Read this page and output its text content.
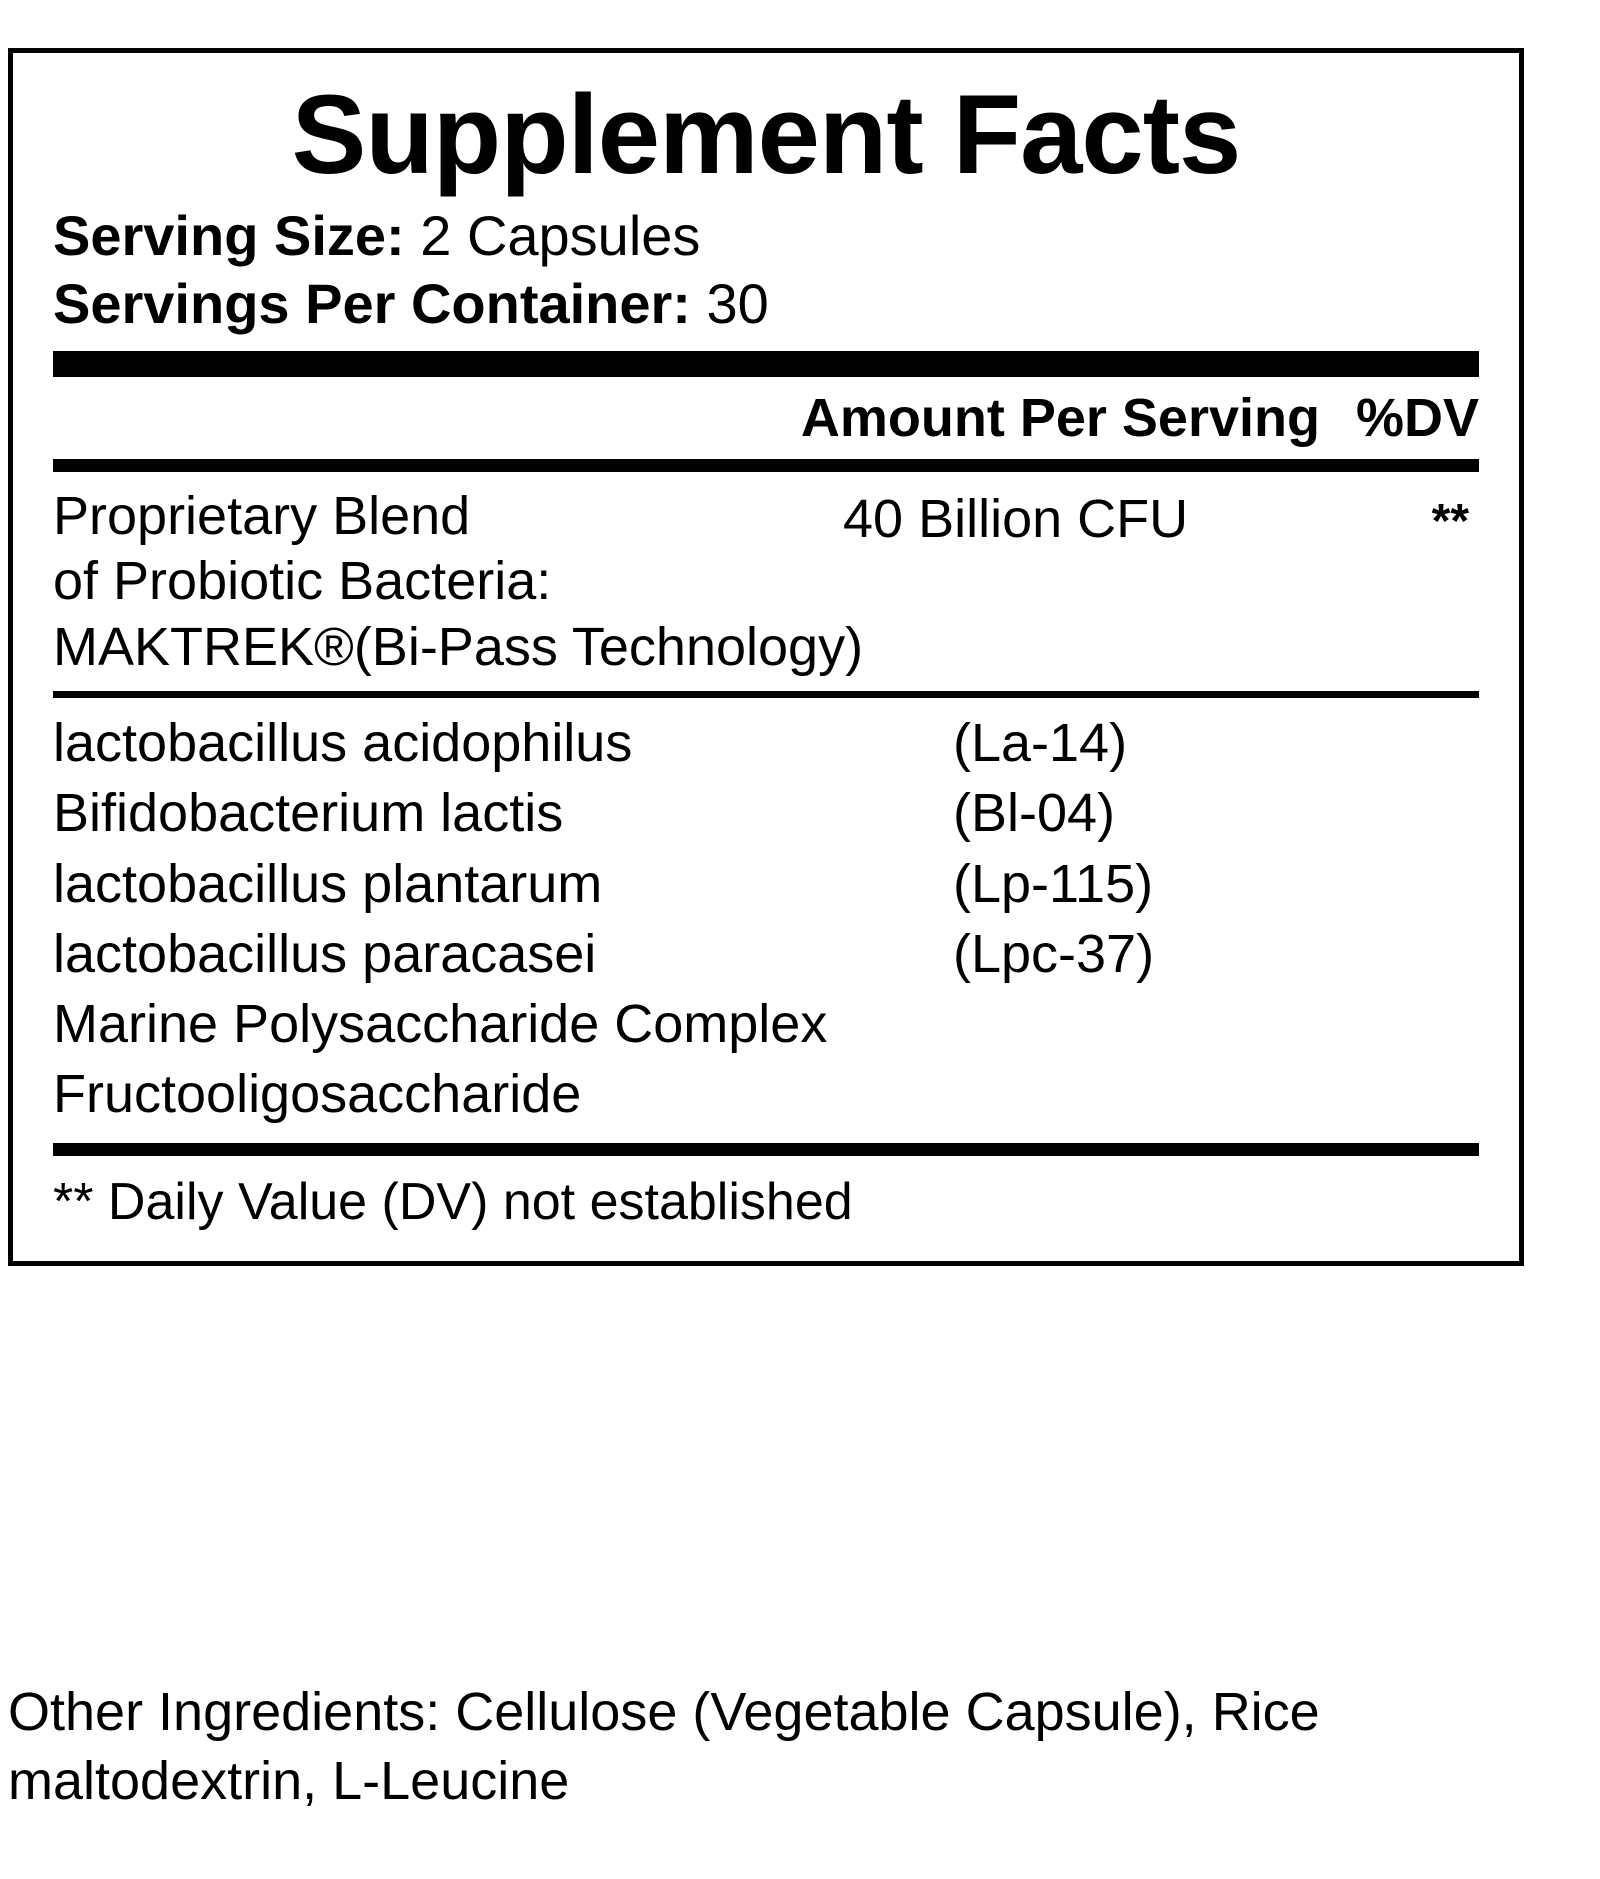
Supplement Facts
Serving Size: 2 Capsules
Servings Per Container: 30
Amount Per Serving %DV
Proprietary Blend
of Probiotic Bacteria:
MAKTREK®(Bi-Pass Technology)
40 Billion CFU	**
lactobacillus acidophilus	(La-14)
Bifidobacterium lactis	(Bl-04)
lactobacillus plantarum	(Lp-115)
lactobacillus paracasei	(Lpc-37)
Marine Polysaccharide Complex
Fructooligosaccharide
** Daily Value (DV) not established
Other Ingredients: Cellulose (Vegetable Capsule), Rice maltodextrin, L-Leucine
